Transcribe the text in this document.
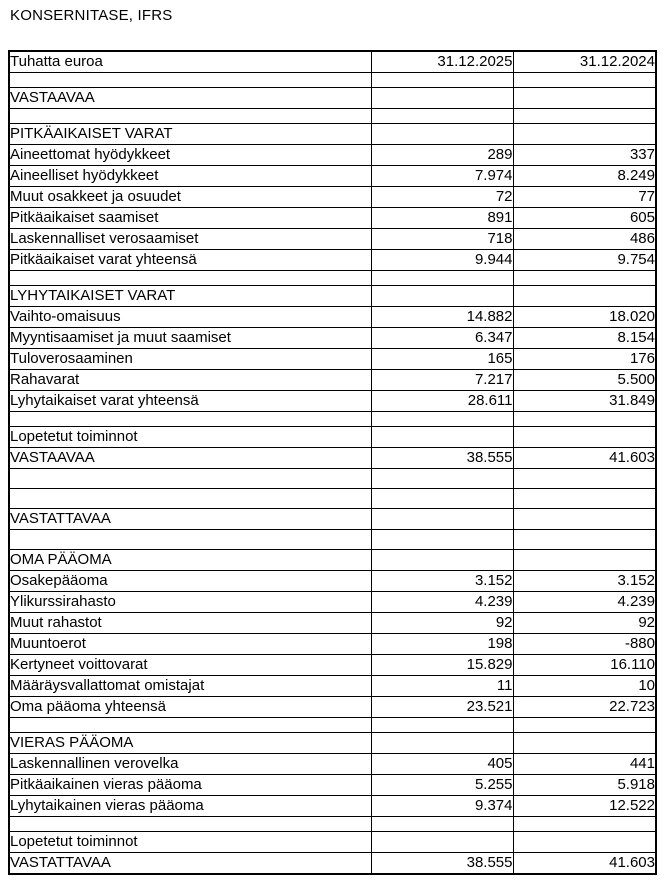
KONSERNITASE, IFRS
Tuhatta euroa	31.12.2025	31.12.2024

VASTAAVAA		

PITKÄAIKAISET VARAT		
Aineettomat hyödykkeet	289	337
Aineelliset hyödykkeet	7.974	8.249
Muut osakkeet ja osuudet	72	77
Pitkäaikaiset saamiset	891	605
Laskennalliset verosaamiset	718	486
Pitkäaikaiset varat yhteensä	9.944	9.754

LYHYTAIKAISET VARAT		
Vaihto-omaisuus	14.882	18.020
Myyntisaamiset ja muut saamiset	6.347	8.154
Tuloverosaaminen	165	176
Rahavarat	7.217	5.500
Lyhytaikaiset varat yhteensä	28.611	31.849

Lopetetut toiminnot		
VASTAAVAA	38.555	41.603

VASTATTAVAA		

OMA PÄÄOMA		
Osakepääoma	3.152	3.152
Ylikurssirahasto	4.239	4.239
Muut rahastot	92	92
Muuntoerot	198	-880
Kertyneet voittovarat	15.829	16.110
Määräysvallattomat omistajat	11	10
Oma pääoma yhteensä	23.521	22.723

VIERAS PÄÄOMA		
Laskennallinen verovelka	405	441
Pitkäaikainen vieras pääoma	5.255	5.918
Lyhytaikainen vieras pääoma	9.374	12.522

Lopetetut toiminnot		
VASTATTAVAA	38.555	41.603
